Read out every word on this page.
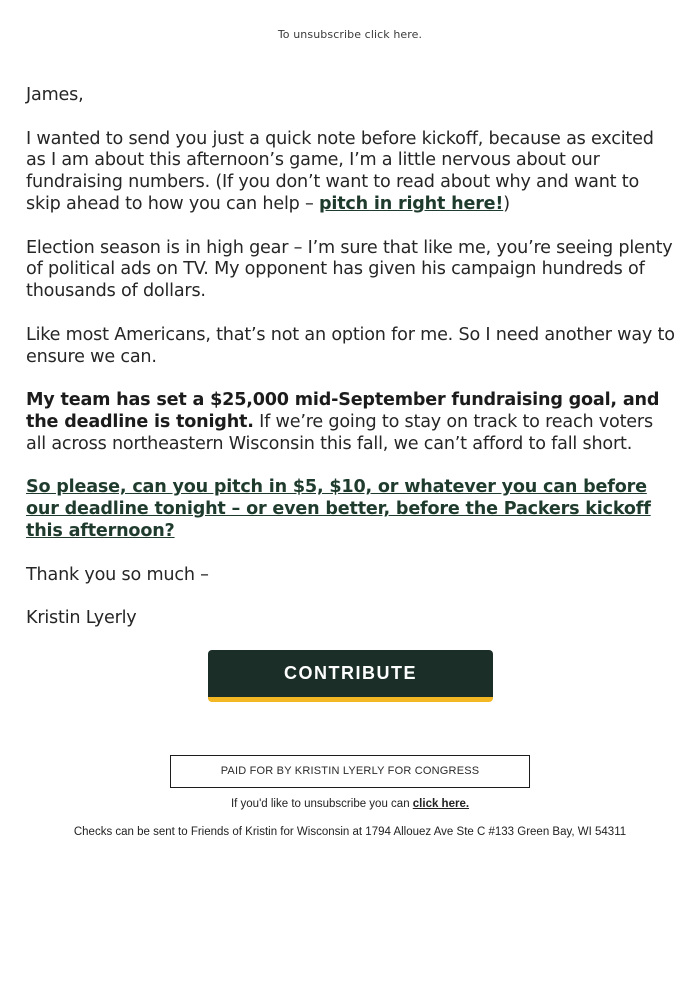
To unsubscribe click here.

James,

I wanted to send you just a quick note before kickoff, because as excited as I am about this afternoon’s game, I’m a little nervous about our fundraising numbers. (If you don’t want to read about why and want to skip ahead to how you can help – pitch in right here!)

Election season is in high gear – I’m sure that like me, you’re seeing plenty of political ads on TV. My opponent has given his campaign hundreds of thousands of dollars.

Like most Americans, that’s not an option for me. So I need another way to ensure we can.

My team has set a $25,000 mid-September fundraising goal, and the deadline is tonight. If we’re going to stay on track to reach voters all across northeastern Wisconsin this fall, we can’t afford to fall short.

So please, can you pitch in $5, $10, or whatever you can before our deadline tonight – or even better, before the Packers kickoff this afternoon?

Thank you so much –

Kristin Lyerly

CONTRIBUTE
PAID FOR BY KRISTIN LYERLY FOR CONGRESS
If you'd like to unsubscribe you can click here.
Checks can be sent to Friends of Kristin for Wisconsin at 1794 Allouez Ave Ste C #133 Green Bay, WI 54311
